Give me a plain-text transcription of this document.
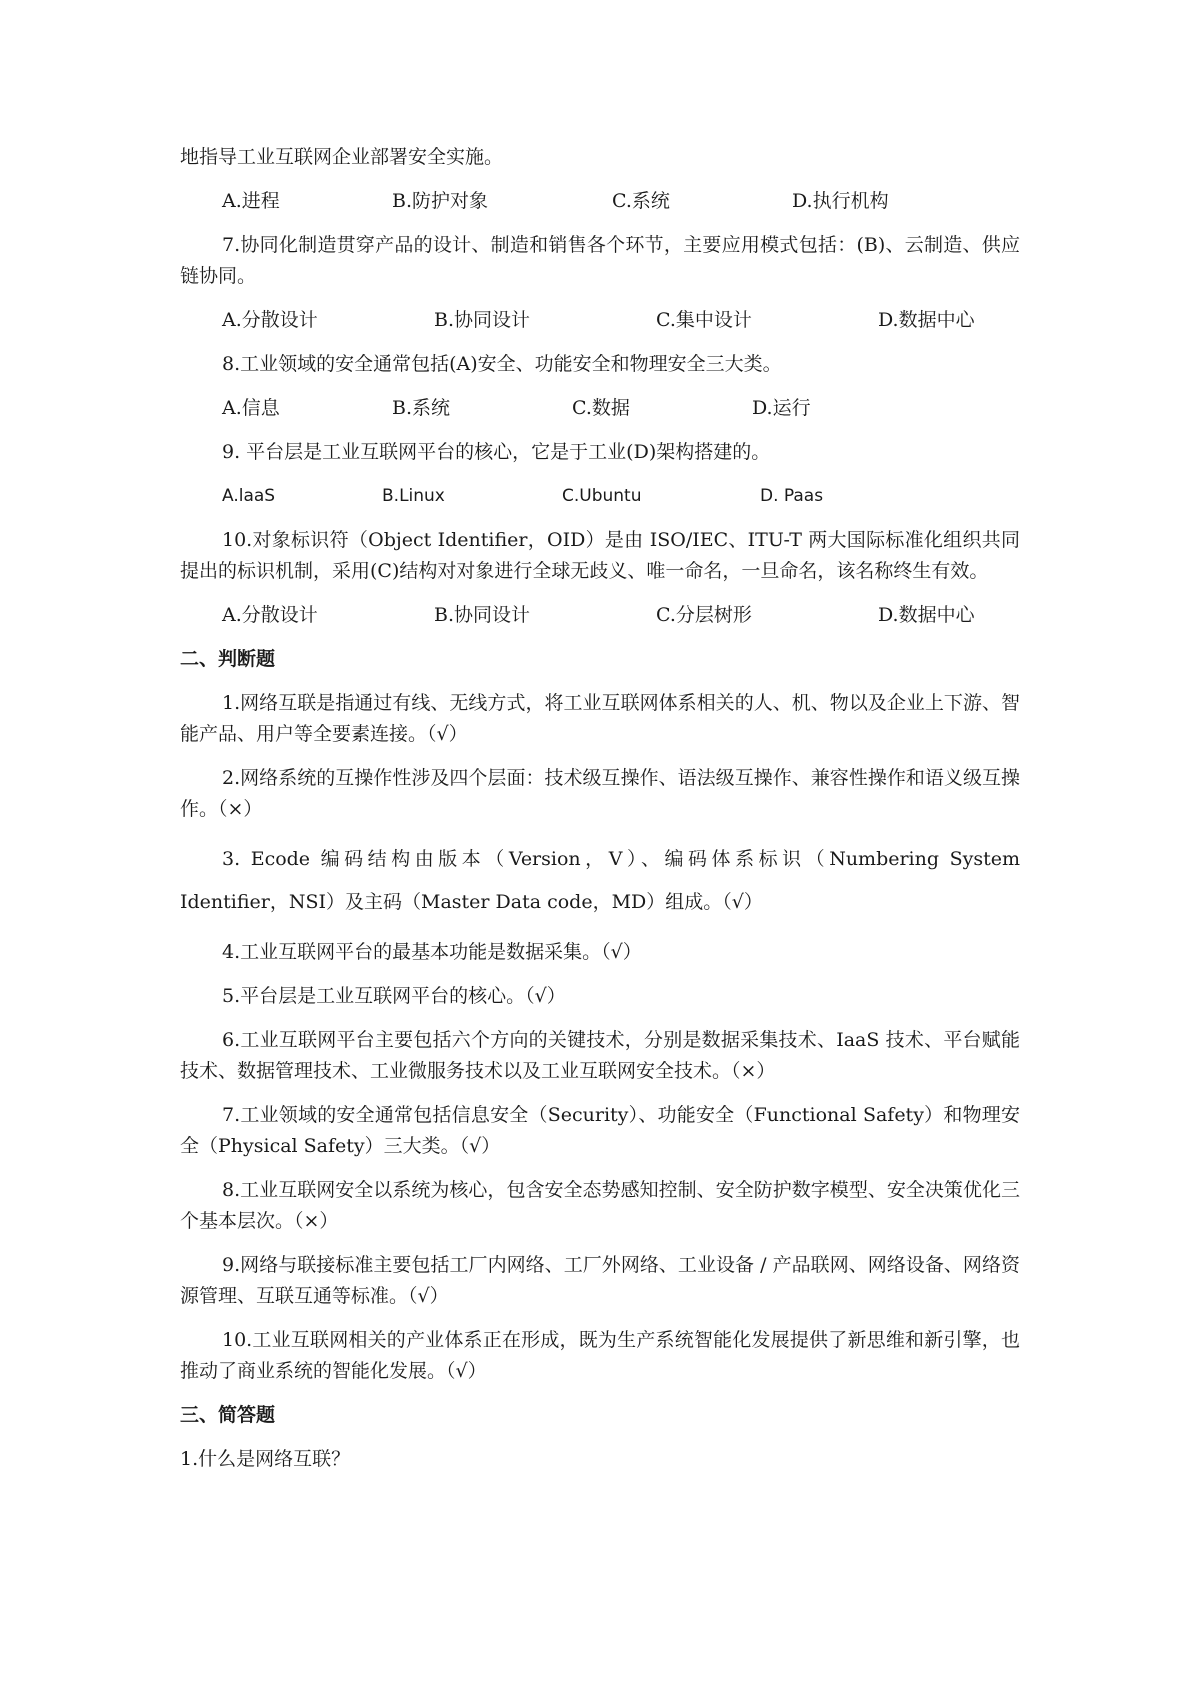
地指导工业互联网企业部署安全实施。

A.进程	B.防护对象	C.系统	D.执行机构

7.协同化制造贯穿产品的设计、制造和销售各个环节，主要应用模式包括：(B)、云制造、供应链协同。

A.分散设计	B.协同设计	C.集中设计	D.数据中心

8.工业领域的安全通常包括(A)安全、功能安全和物理安全三大类。

A.信息	B.系统	C.数据	D.运行

9. 平台层是工业互联网平台的核心，它是于工业(D)架构搭建的。

A.laaS	B.Linux	C.Ubuntu	D. Paas

10.对象标识符（Object Identifier，OID）是由 ISO/IEC、ITU-T 两大国际标准化组织共同提出的标识机制，采用(C)结构对对象进行全球无歧义、唯一命名，一旦命名，该名称终生有效。

A.分散设计	B.协同设计	C.分层树形	D.数据中心
二、判断题

1.网络互联是指通过有线、无线方式，将工业互联网体系相关的人、机、物以及企业上下游、智能产品、用户等全要素连接。（√）

2.网络系统的互操作性涉及四个层面：技术级互操作、语法级互操作、兼容性操作和语义级互操作。（×）

3. Ecode 编码结构由版本（Version，V）、编码体系标识（Numbering System Identifier，NSI）及主码（Master Data code，MD）组成。（√）

4.工业互联网平台的最基本功能是数据采集。（√）

5.平台层是工业互联网平台的核心。（√）

6.工业互联网平台主要包括六个方向的关键技术，分别是数据采集技术、IaaS 技术、平台赋能技术、数据管理技术、工业微服务技术以及工业互联网安全技术。（×）

7.工业领域的安全通常包括信息安全（Security）、功能安全（Functional Safety）和物理安全（Physical Safety）三大类。（√）

8.工业互联网安全以系统为核心，包含安全态势感知控制、安全防护数字模型、安全决策优化三个基本层次。（×）

9.网络与联接标准主要包括工厂内网络、工厂外网络、工业设备 / 产品联网、网络设备、网络资源管理、互联互通等标准。（√）

10.工业互联网相关的产业体系正在形成，既为生产系统智能化发展提供了新思维和新引擎，也推动了商业系统的智能化发展。（√）

三、简答题

1.什么是网络互联？
